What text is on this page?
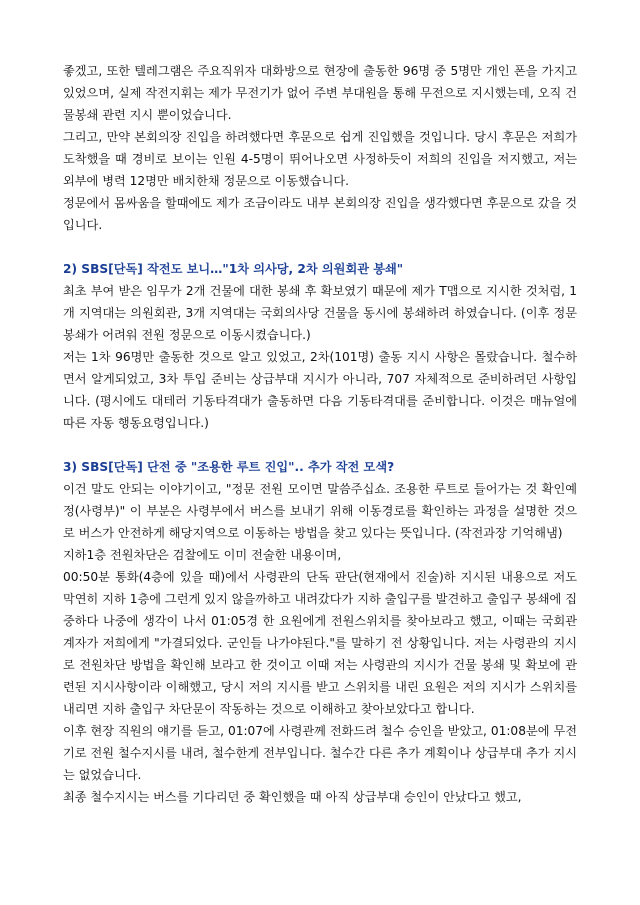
좋겠고, 또한 텔레그램은 주요직위자 대화방으로 현장에 출동한 96명 중 5명만 개인 폰을 가지고 있었으며, 실제 작전지휘는 제가 무전기가 없어 주변 부대원을 통해 무전으로 지시했는데, 오직 건물봉쇄 관련 지시 뿐이었습니다.

그리고, 만약 본회의장 진입을 하려했다면 후문으로 쉽게 진입했을 것입니다. 당시 후문은 저희가 도착했을 때 경비로 보이는 인원 4-5명이 뛰어나오면 사정하듯이 저희의 진입을 저지했고, 저는 외부에 병력 12명만 배치한채 정문으로 이동했습니다.

정문에서 몸싸움을 할때에도 제가 조금이라도 내부 본회의장 진입을 생각했다면 후문으로 갔을 것입니다.

2) SBS[단독] 작전도 보니…"1차 의사당, 2차 의원회관 봉쇄"

최초 부여 받은 임무가 2개 건물에 대한 봉쇄 후 확보였기 때문에 제가 T맵으로 지시한 것처럼, 1개 지역대는 의원회관, 3개 지역대는 국회의사당 건물을 동시에 봉쇄하려 하였습니다. (이후 정문 봉쇄가 어려워 전원 정문으로 이동시켰습니다.)

저는 1차 96명만 출동한 것으로 알고 있었고, 2차(101명) 출동 지시 사항은 몰랐습니다. 철수하면서 알게되었고, 3차 투입 준비는 상급부대 지시가 아니라, 707 자체적으로 준비하려던 사항입니다. (평시에도 대테러 기동타격대가 출동하면 다음 기동타격대를 준비합니다. 이것은 매뉴얼에 따른 자동 행동요령입니다.)

3) SBS[단독] 단전 중 "조용한 루트 진입".. 추가 작전 모색?

이건 말도 안되는 이야기이고, "정문 전원 모이면 말씀주십쇼. 조용한 루트로 들어가는 것 확인예정(사령부)" 이 부분은 사령부에서 버스를 보내기 위해 이동경로를 확인하는 과정을 설명한 것으로 버스가 안전하게 해당지역으로 이동하는 방법을 찾고 있다는 뜻입니다. (작전과장 기억해냄)

지하1층 전원차단은 검찰에도 이미 전술한 내용이며,

00:50분 통화(4층에 있을 때)에서 사령관의 단독 판단(현재에서 진술)하 지시된 내용으로 저도 막연히 지하 1층에 그런게 있지 않을까하고 내려갔다가 지하 출입구를 발견하고 출입구 봉쇄에 집중하다 나중에 생각이 나서 01:05경 한 요원에게 전원스위치를 찾아보라고 했고, 이때는 국회관계자가 저희에게 "가결되었다. 군인들 나가야된다."를 말하기 전 상황입니다. 저는 사령관의 지시로 전원차단 방법을 확인해 보라고 한 것이고 이때 저는 사령관의 지시가 건물 봉쇄 및 확보에 관련된 지시사항이라 이해했고, 당시 저의 지시를 받고 스위치를 내린 요원은 저의 지시가 스위치를 내리면 지하 출입구 차단문이 작동하는 것으로 이해하고 찾아보았다고 합니다.

이후 현장 직원의 얘기를 듣고, 01:07에 사령관께 전화드려 철수 승인을 받았고, 01:08분에 무전기로 전원 철수지시를 내려, 철수한게 전부입니다. 철수간 다른 추가 계획이나 상급부대 추가 지시는 없었습니다.

최종 철수지시는 버스를 기다리던 중 확인했을 때 아직 상급부대 승인이 안났다고 했고,
